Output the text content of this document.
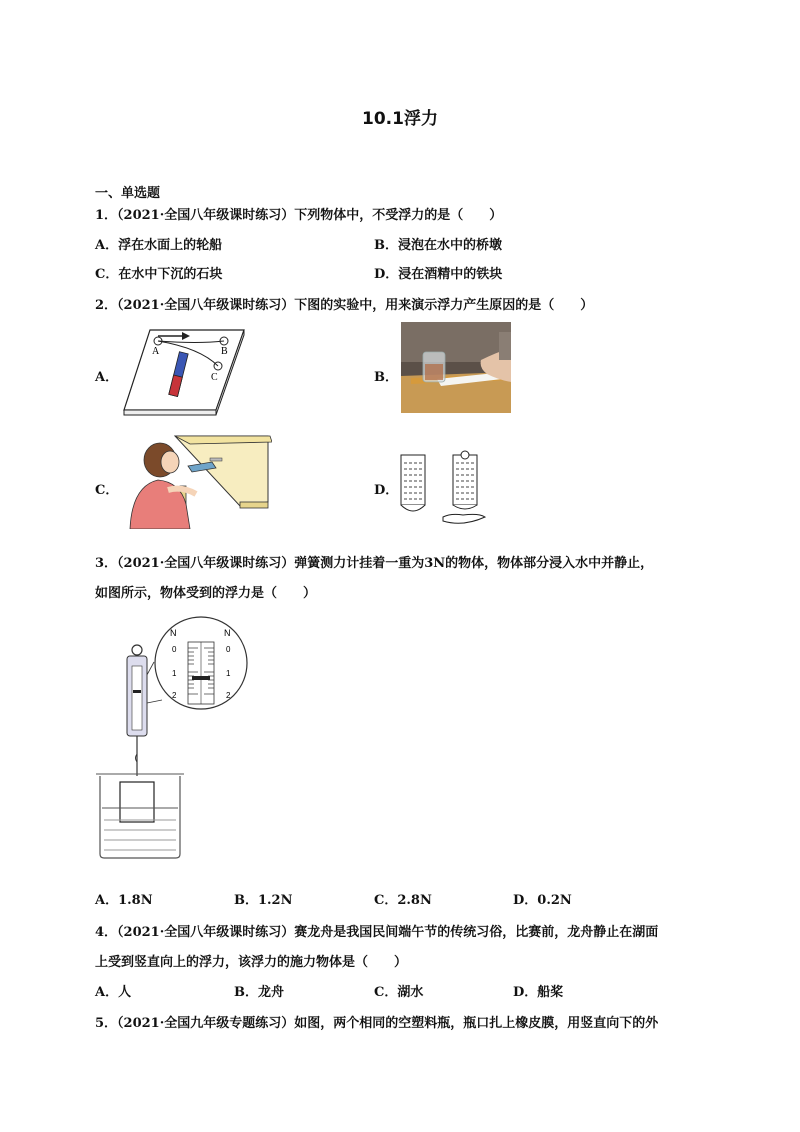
10.1浮力
一、单选题
1．（2021·全国八年级课时练习）下列物体中，不受浮力的是（　　）
A．浮在水面上的轮船	B．浸泡在水中的桥墩
C．在水中下沉的石块	D．浸在酒精中的铁块
2．（2021·全国八年级课时练习）下图的实验中，用来演示浮力产生原因的是（　　）
A．	B．
C．	D．
A	B
C
3．（2021·全国八年级课时练习）弹簧测力计挂着一重为3N的物体，物体部分浸入水中并静止，
如图所示，物体受到的浮力是（　　）
N	N
0
1
2
0
1
2
A．1.8N	B．1.2N	C．2.8N	D．0.2N
4．（2021·全国八年级课时练习）赛龙舟是我国民间端午节的传统习俗，比赛前，龙舟静止在湖面
上受到竖直向上的浮力，该浮力的施力物体是（　　）
A．人	B．龙舟	C．湖水	D．船桨
5．（2021·全国九年级专题练习）如图，两个相同的空塑料瓶，瓶口扎上橡皮膜，用竖直向下的外
